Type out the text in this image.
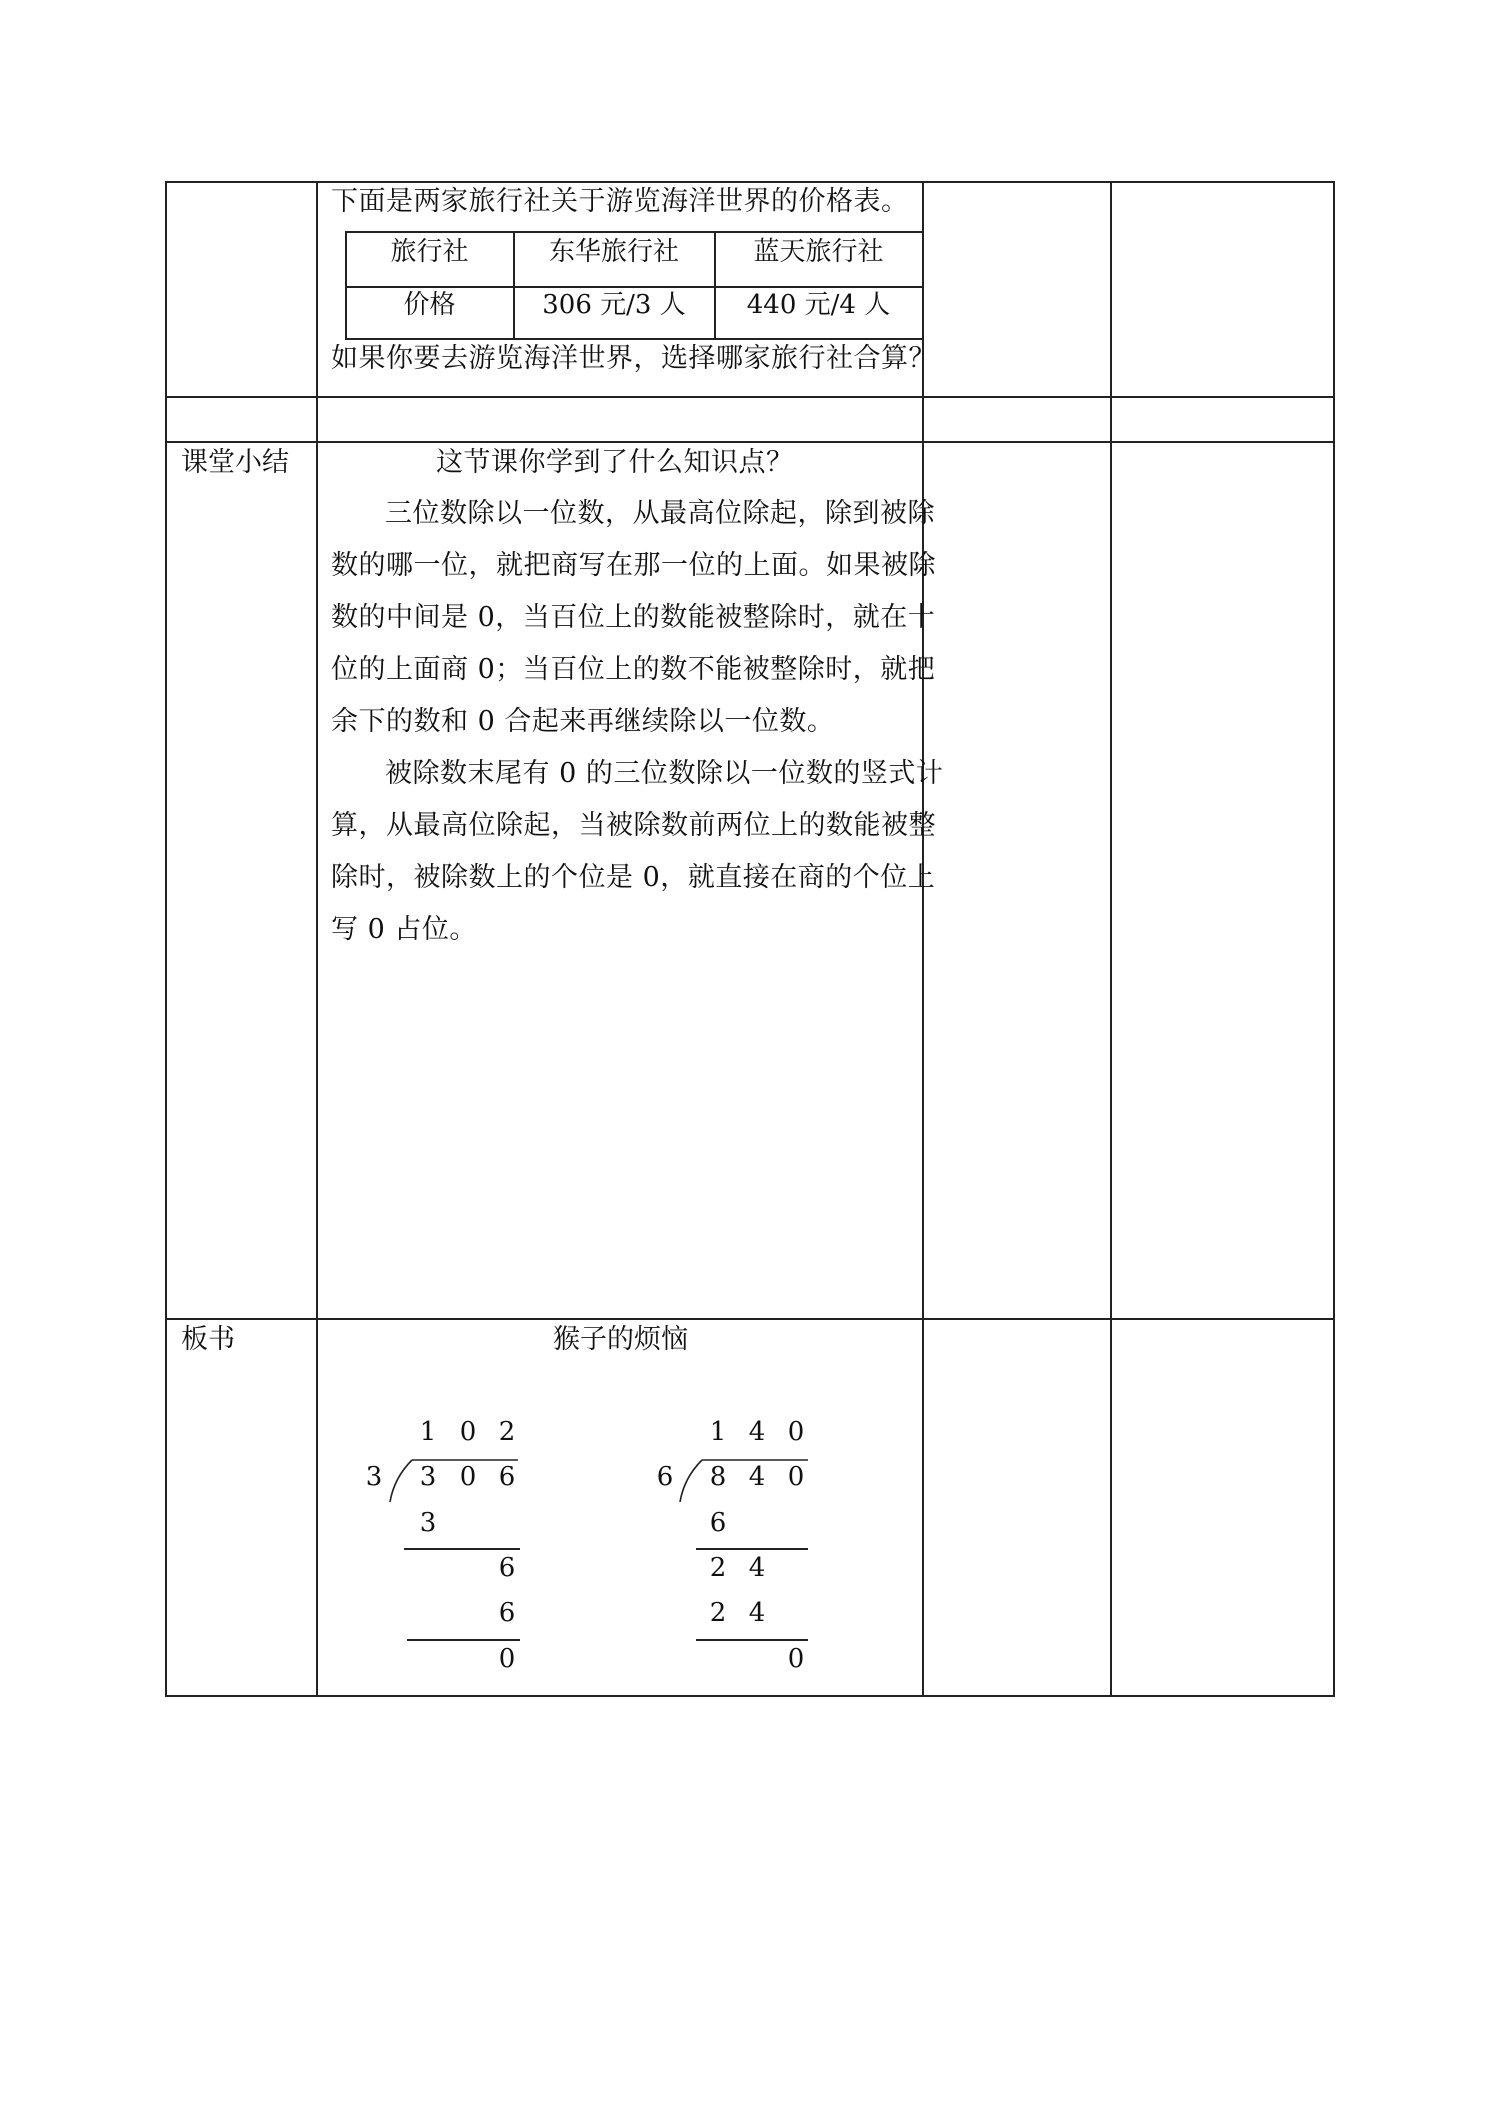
下面是两家旅行社关于游览海洋世界的价格表。
旅行社	东华旅行社	蓝天旅行社
价格	306 元/3 人	440 元/4 人
如果你要去游览海洋世界，选择哪家旅行社合算？
课堂小结	这节课你学到了什么知识点？
三位数除以一位数，从最高位除起，除到被除
数的哪一位，就把商写在那一位的上面。如果被除
数的中间是 0，当百位上的数能被整除时，就在十
位的上面商 0；当百位上的数不能被整除时，就把
余下的数和 0 合起来再继续除以一位数。
被除数末尾有 0 的三位数除以一位数的竖式计
算，从最高位除起，当被除数前两位上的数能被整
除时，被除数上的个位是 0，就直接在商的个位上
写 0 占位。
板书	猴子的烦恼
1 0 2
3 3 0 6
3
6
6
0
1 4 0
6 8 4 0
6
2 4
2 4
0
